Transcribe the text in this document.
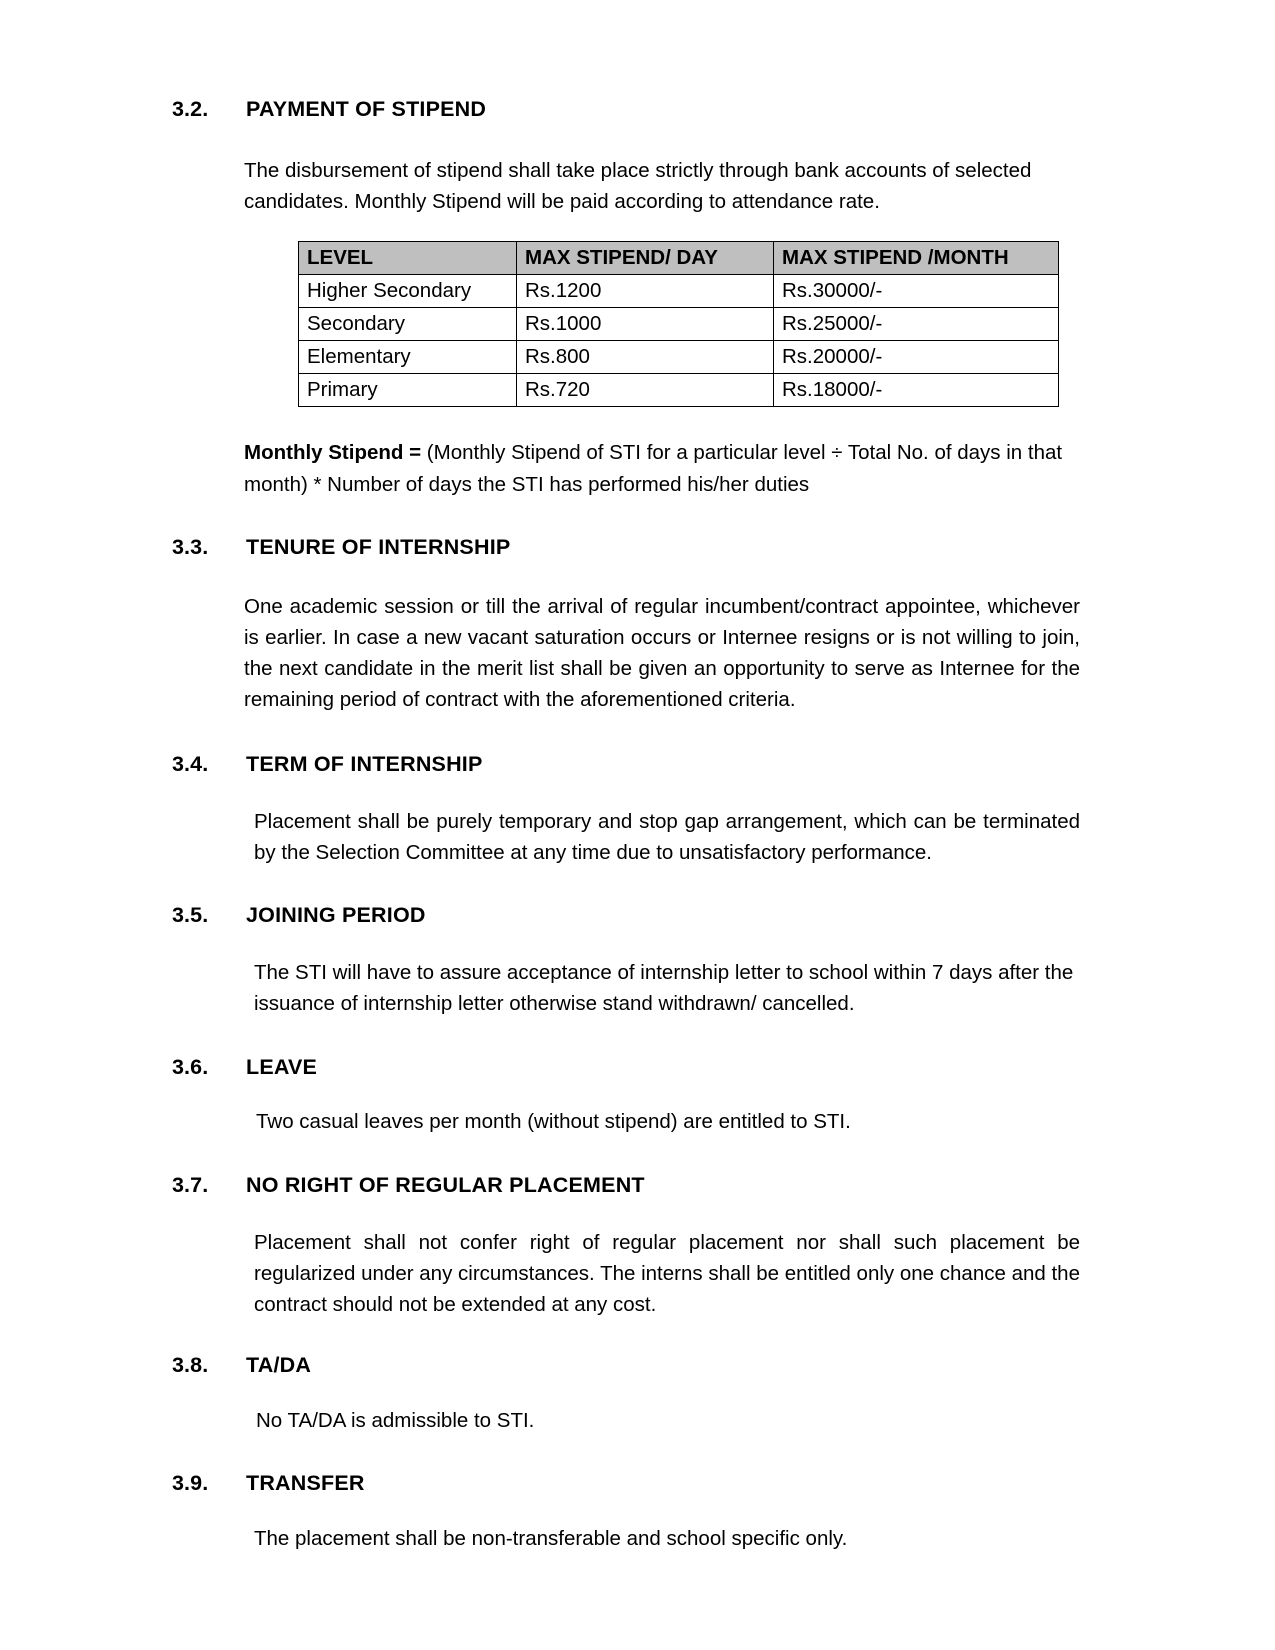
3.2.	PAYMENT OF STIPEND

The disbursement of stipend shall take place strictly through bank accounts of selected candidates. Monthly Stipend will be paid according to attendance rate.

LEVEL	MAX STIPEND/ DAY	MAX STIPEND /MONTH
Higher Secondary	Rs.1200	Rs.30000/-
Secondary	Rs.1000	Rs.25000/-
Elementary	Rs.800	Rs.20000/-
Primary	Rs.720	Rs.18000/-

Monthly Stipend = (Monthly Stipend of STI for a particular level ÷ Total No. of days in that month) * Number of days the STI has performed his/her duties

3.3.	TENURE OF INTERNSHIP

One academic session or till the arrival of regular incumbent/contract appointee, whichever is earlier. In case a new vacant saturation occurs or Internee resigns or is not willing to join, the next candidate in the merit list shall be given an opportunity to serve as Internee for the remaining period of contract with the aforementioned criteria.

3.4.	TERM OF INTERNSHIP

Placement shall be purely temporary and stop gap arrangement, which can be terminated by the Selection Committee at any time due to unsatisfactory performance.

3.5.	JOINING PERIOD

The STI will have to assure acceptance of internship letter to school within 7 days after the issuance of internship letter otherwise stand withdrawn/ cancelled.

3.6.	LEAVE

Two casual leaves per month (without stipend) are entitled to STI.

3.7.	NO RIGHT OF REGULAR PLACEMENT

Placement shall not confer right of regular placement nor shall such placement be regularized under any circumstances. The interns shall be entitled only one chance and the contract should not be extended at any cost.

3.8.	TA/DA

No TA/DA is admissible to STI.

3.9.	TRANSFER

The placement shall be non-transferable and school specific only.
